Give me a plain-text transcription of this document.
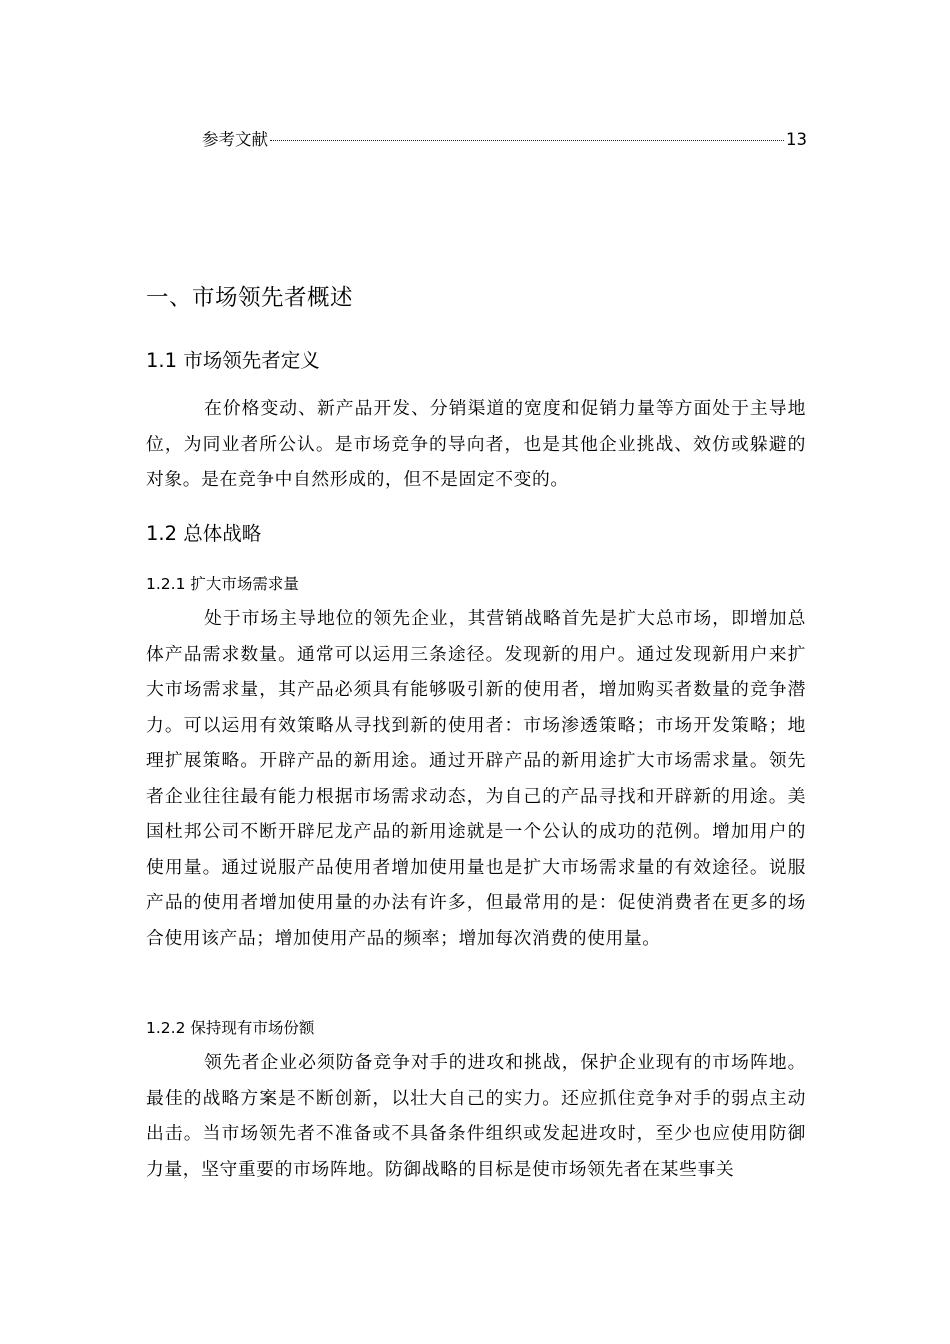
参考文献	13
一、市场领先者概述
1.1 市场领先者定义

在价格变动、新产品开发、分销渠道的宽度和促销力量等方面处于主导地位，为同业者所公认。是市场竞争的导向者，也是其他企业挑战、效仿或躲避的对象。是在竞争中自然形成的，但不是固定不变的。

1.2 总体战略
1.2.1 扩大市场需求量

处于市场主导地位的领先企业，其营销战略首先是扩大总市场，即增加总体产品需求数量。通常可以运用三条途径。发现新的用户。通过发现新用户来扩大市场需求量，其产品必须具有能够吸引新的使用者，增加购买者数量的竞争潜力。可以运用有效策略从寻找到新的使用者：市场渗透策略；市场开发策略；地理扩展策略。开辟产品的新用途。通过开辟产品的新用途扩大市场需求量。领先者企业往往最有能力根据市场需求动态，为自己的产品寻找和开辟新的用途。美国杜邦公司不断开辟尼龙产品的新用途就是一个公认的成功的范例。增加用户的使用量。通过说服产品使用者增加使用量也是扩大市场需求量的有效途径。说服产品的使用者增加使用量的办法有许多，但最常用的是：促使消费者在更多的场合使用该产品；增加使用产品的频率；增加每次消费的使用量。

1.2.2 保持现有市场份额

领先者企业必须防备竞争对手的进攻和挑战，保护企业现有的市场阵地。最佳的战略方案是不断创新，以壮大自己的实力。还应抓住竞争对手的弱点主动出击。当市场领先者不准备或不具备条件组织或发起进攻时，至少也应使用防御力量，坚守重要的市场阵地。防御战略的目标是使市场领先者在某些事关
